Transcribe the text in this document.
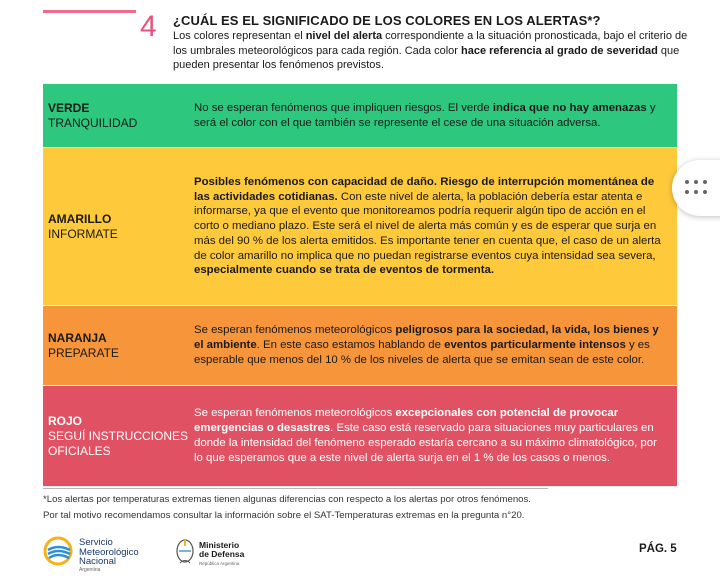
4 ¿CUÁL ES EL SIGNIFICADO DE LOS COLORES EN LOS ALERTAS*?
Los colores representan el nivel del alerta correspondiente a la situación pronosticada, bajo el criterio de los umbrales meteorológicos para cada región. Cada color hace referencia al grado de severidad que pueden presentar los fenómenos previstos.
VERDE
TRANQUILIDAD
No se esperan fenómenos que impliquen riesgos. El verde indica que no hay amenazas y será el color con el que también se represente el cese de una situación adversa.
AMARILLO
INFORMATE
Posibles fenómenos con capacidad de daño. Riesgo de interrupción momentánea de las actividades cotidianas. Con este nivel de alerta, la población debería estar atenta e informarse, ya que el evento que monitoreamos podría requerir algún tipo de acción en el corto o mediano plazo. Este será el nivel de alerta más común y es de esperar que surja en más del 90 % de los alerta emitidos. Es importante tener en cuenta que, el caso de un alerta de color amarillo no implica que no puedan registrarse eventos cuya intensidad sea severa, especialmente cuando se trata de eventos de tormenta.
NARANJA
PREPARATE
Se esperan fenómenos meteorológicos peligrosos para la sociedad, la vida, los bienes y el ambiente. En este caso estamos hablando de eventos particularmente intensos y es esperable que menos del 10 % de los niveles de alerta que se emitan sean de este color.
ROJO
SEGUÍ INSTRUCCIONES OFICIALES
Se esperan fenómenos meteorológicos excepcionales con potencial de provocar emergencias o desastres. Este caso está reservado para situaciones muy particulares en donde la intensidad del fenómeno esperado estaría cercano a su máximo climatológico, por lo que esperamos que a este nivel de alerta surja en el 1 % de los casos o menos.
*Los alertas por temperaturas extremas tienen algunas diferencias con respecto a los alertas por otros fenómenos.
Por tal motivo recomendamos consultar la información sobre el SAT-Temperaturas extremas en la pregunta n°20.
Servicio
Meteorológico
Nacional
Argentina
Ministerio
de Defensa
República Argentina
PÁG. 5
